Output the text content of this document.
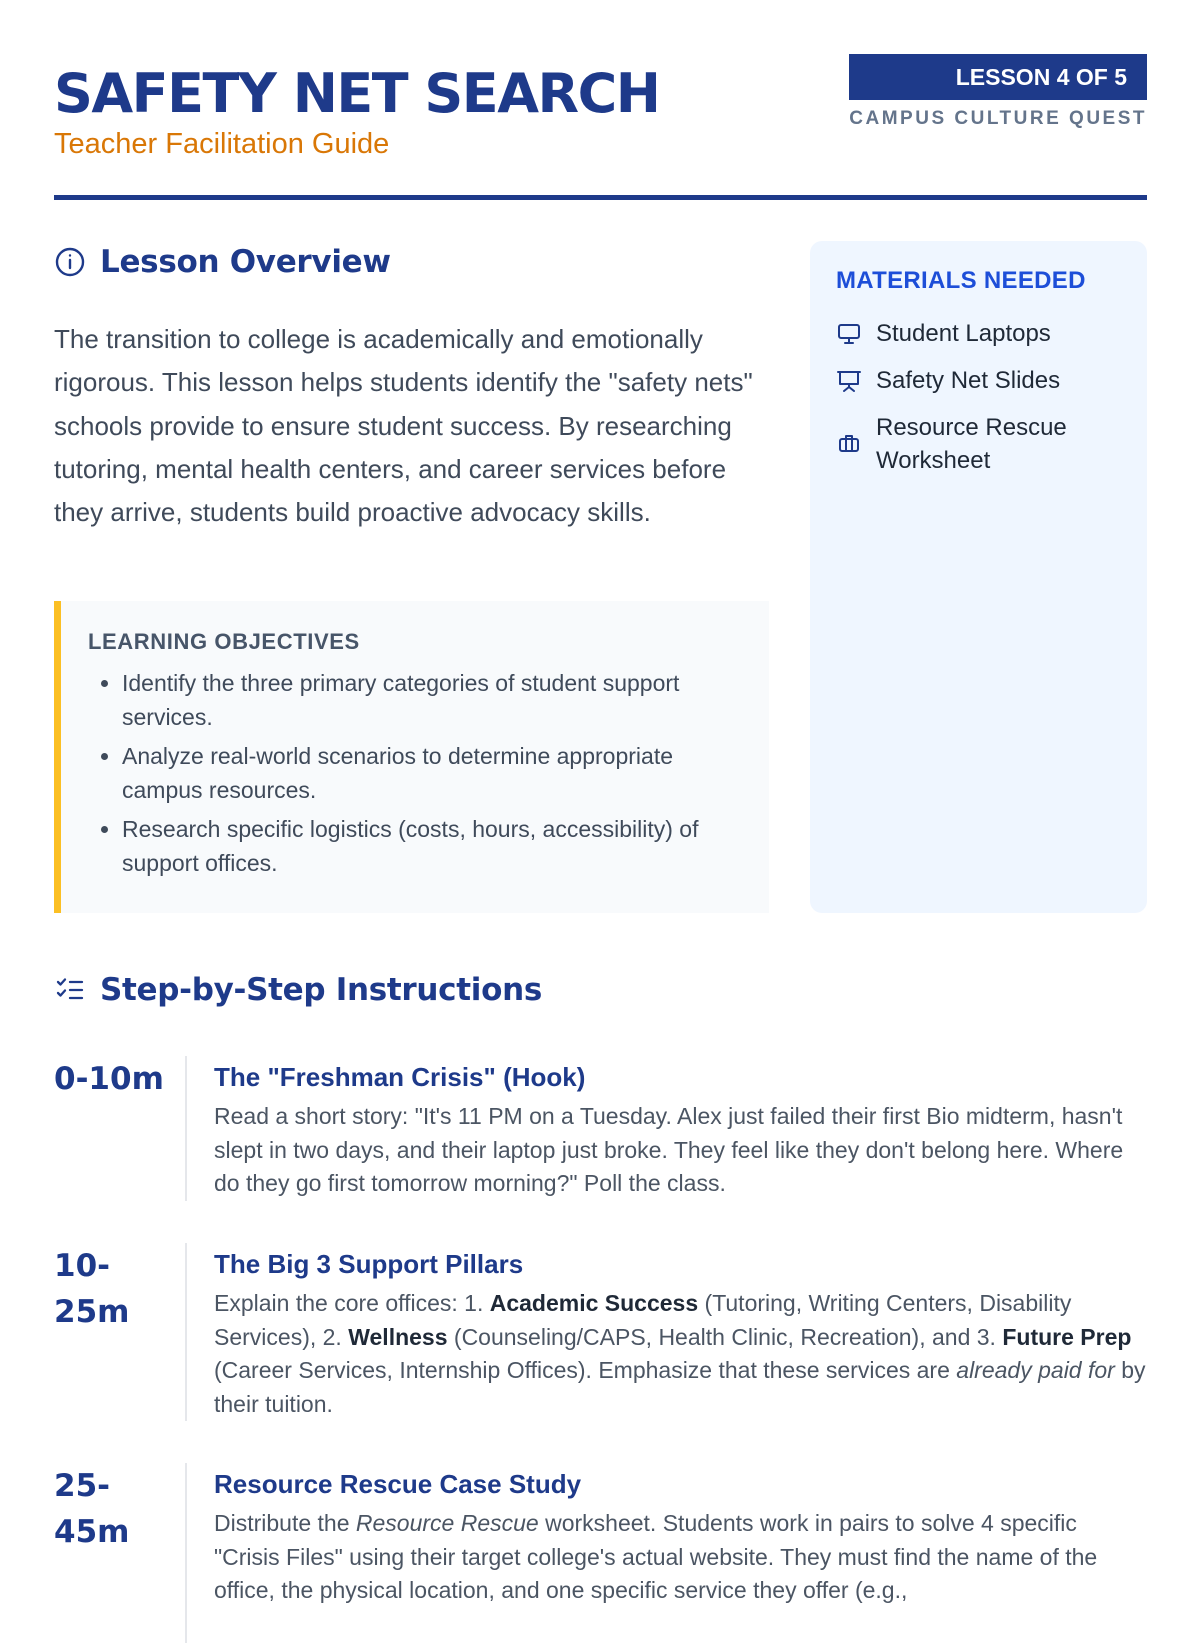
SAFETY NET SEARCH
Teacher Facilitation Guide
LESSON 4 OF 5
CAMPUS CULTURE QUEST
Lesson Overview

The transition to college is academically and emotionally rigorous. This lesson helps students identify the "safety nets" schools provide to ensure student success. By researching tutoring, mental health centers, and career services before they arrive, students build proactive advocacy skills.

LEARNING OBJECTIVES
• Identify the three primary categories of student support services.
• Analyze real-world scenarios to determine appropriate campus resources.
• Research specific logistics (costs, hours, accessibility) of support offices.
MATERIALS NEEDED
Student Laptops
Safety Net Slides
Resource Rescue Worksheet
Step-by-Step Instructions
0-10m	The "Freshman Crisis" (Hook)
Read a short story: "It's 11 PM on a Tuesday. Alex just failed their first Bio midterm, hasn't slept in two days, and their laptop just broke. They feel like they don't belong here. Where do they go first tomorrow morning?" Poll the class.
10-25m
The Big 3 Support Pillars
Explain the core offices: 1. Academic Success (Tutoring, Writing Centers, Disability Services), 2. Wellness (Counseling/CAPS, Health Clinic, Recreation), and 3. Future Prep (Career Services, Internship Offices). Emphasize that these services are already paid for by their tuition.
25-45m
Resource Rescue Case Study
Distribute the Resource Rescue worksheet. Students work in pairs to solve 4 specific "Crisis Files" using their target college's actual website. They must find the name of the office, the physical location, and one specific service they offer (e.g.,
